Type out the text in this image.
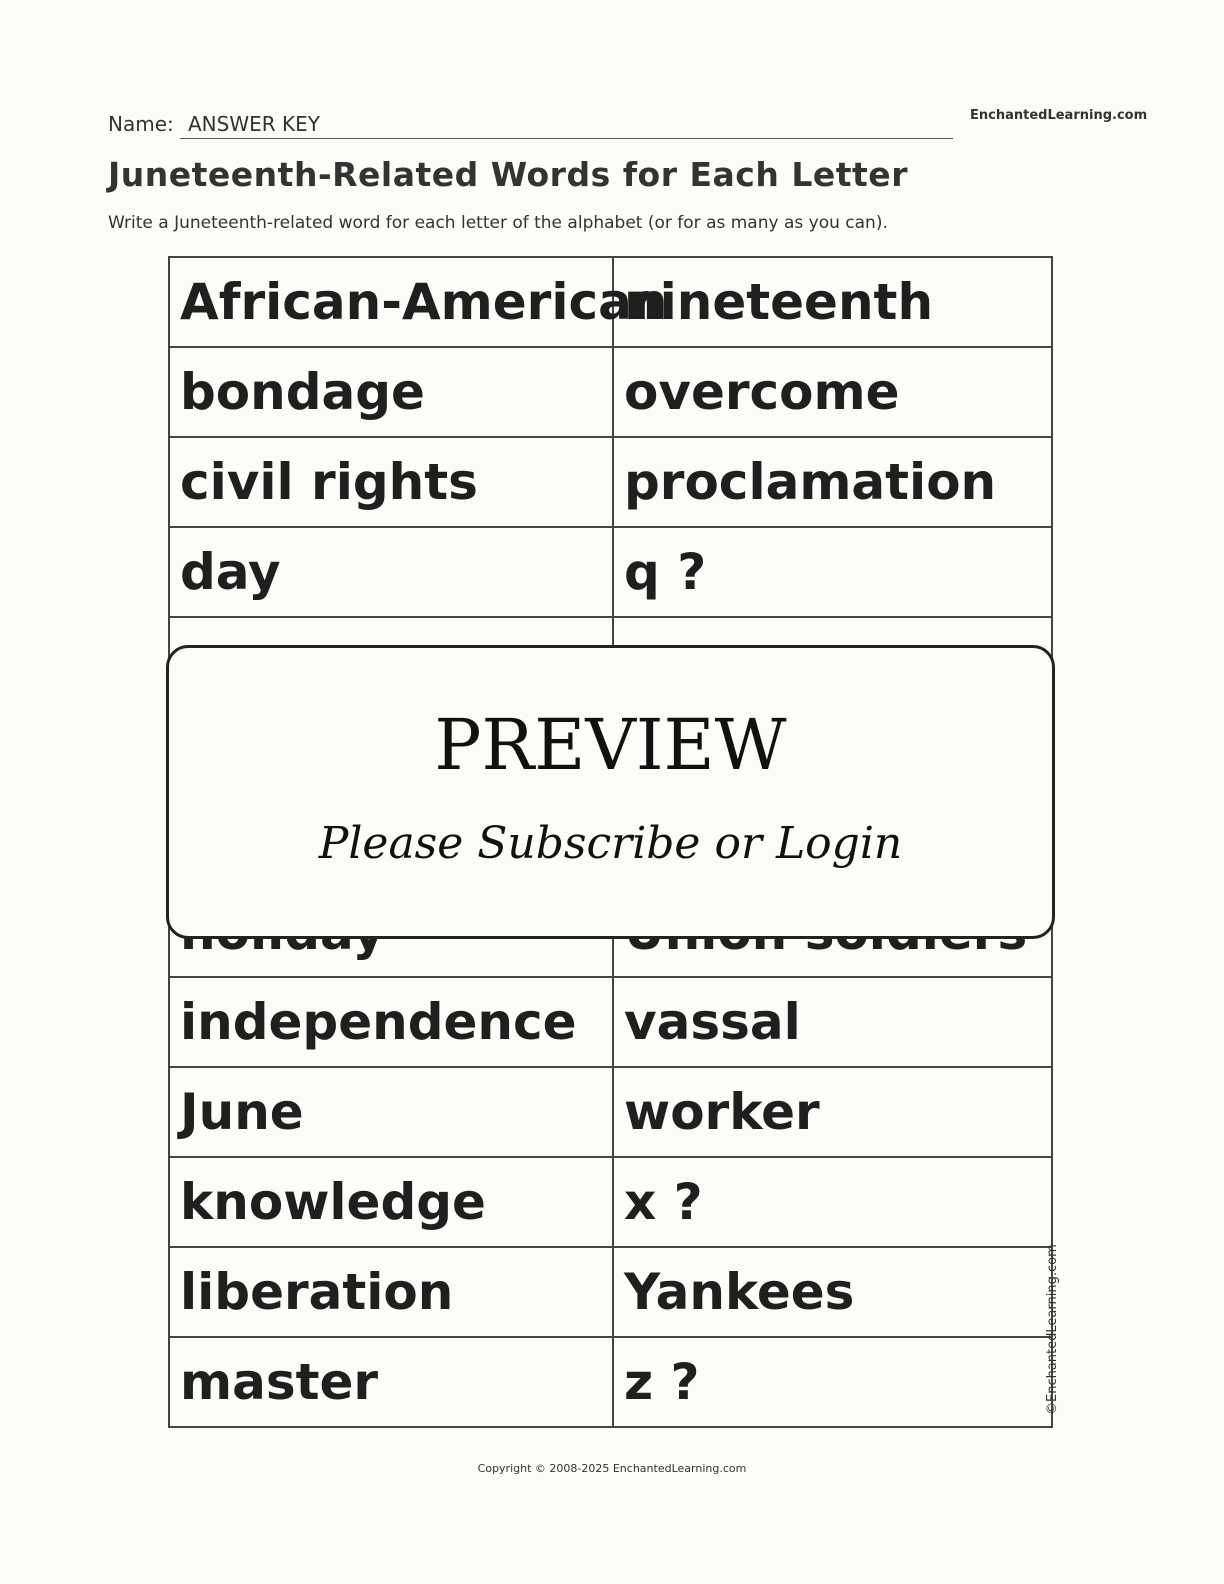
Name: ANSWER KEY	EnchantedLearning.com
Juneteenth-Related Words for Each Letter
Write a Juneteenth-related word for each letter of the alphabet (or for as many as you can).
African-American	nineteenth
bondage	overcome
civil rights	proclamation
day	q ?

independence	vassal
June	worker
knowledge	x ?
liberation	Yankees
master	z ?
PREVIEW
Please Subscribe or Login
©EnchantedLearning.com
Copyright © 2008-2025 EnchantedLearning.com
